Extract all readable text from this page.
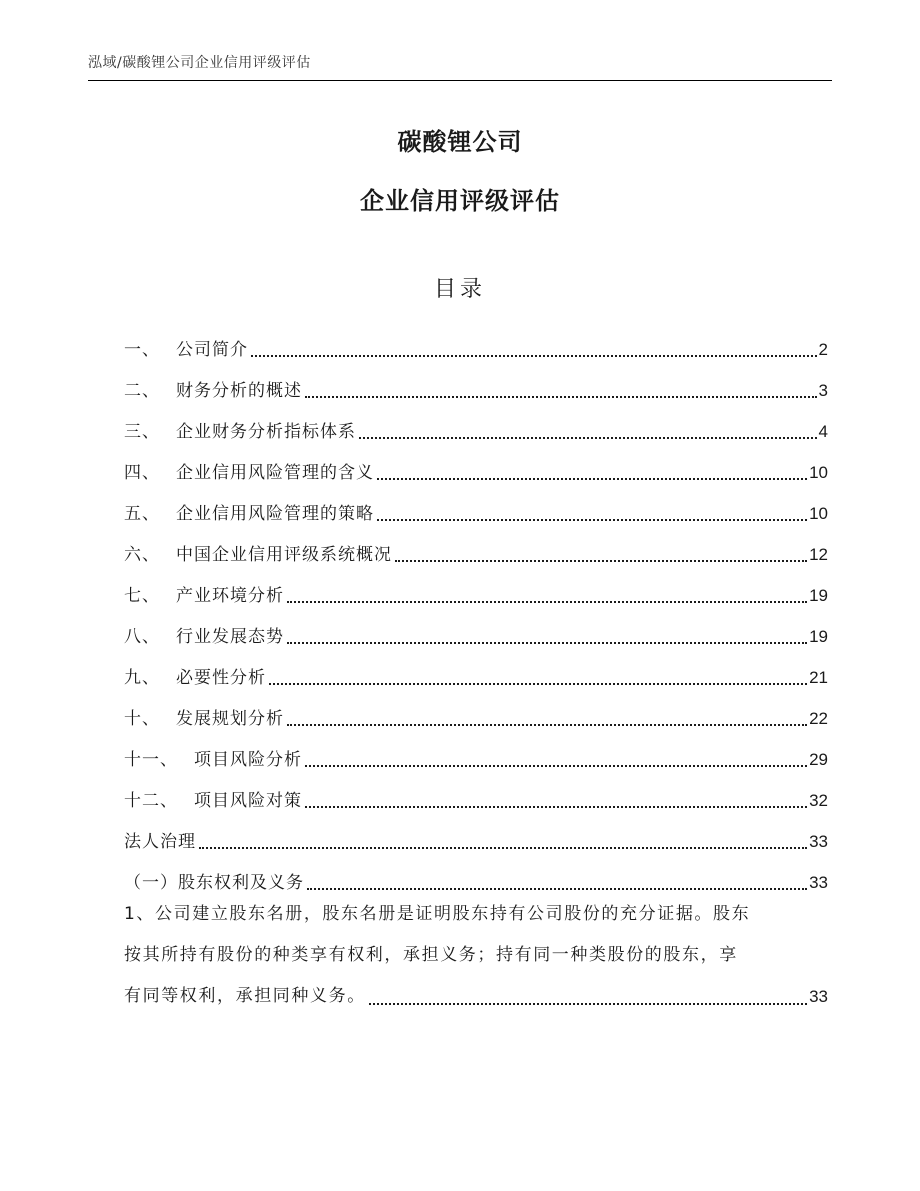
泓域/碳酸锂公司企业信用评级评估
碳酸锂公司
企业信用评级评估
目录
一、 公司简介	2
二、 财务分析的概述	3
三、 企业财务分析指标体系	4
四、 企业信用风险管理的含义	10
五、 企业信用风险管理的策略	10
六、 中国企业信用评级系统概况	12
七、 产业环境分析	19
八、 行业发展态势	19
九、 必要性分析	21
十、 发展规划分析	22
十一、 项目风险分析	29
十二、 项目风险对策	32
法人治理	33
（一）股东权利及义务	33
1、公司建立股东名册，股东名册是证明股东持有公司股份的充分证据。股东
按其所持有股份的种类享有权利，承担义务；持有同一种类股份的股东，享
有同等权利，承担同种义务。	33
